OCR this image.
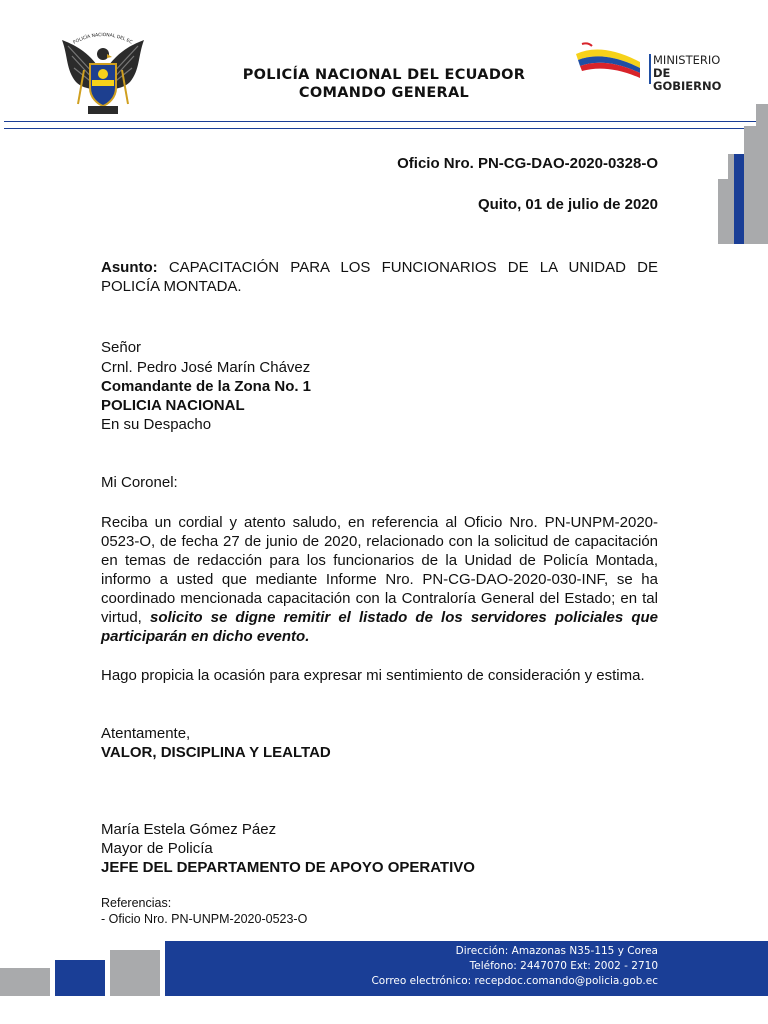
POLICÍA NACIONAL DEL EC
POLICÍA NACIONAL DEL ECUADOR
COMANDO GENERAL
MINISTERIO
DE GOBIERNO
Oficio Nro. PN-CG-DAO-2020-0328-O
Quito, 01 de julio de 2020
Asunto: CAPACITACIÓN PARA LOS FUNCIONARIOS DE LA UNIDAD DE POLICÍA MONTADA.
Señor
Crnl. Pedro José Marín Chávez
Comandante de la Zona No. 1
POLICIA NACIONAL
En su Despacho
Mi Coronel:
Reciba un cordial y atento saludo, en referencia al Oficio Nro. PN-UNPM-2020-0523-O, de fecha 27 de junio de 2020, relacionado con la solicitud de capacitación en temas de redacción para los funcionarios de la Unidad de Policía Montada, informo a usted que mediante Informe Nro. PN-CG-DAO-2020-030-INF, se ha coordinado mencionada capacitación con la Contraloría General del Estado; en tal virtud, solicito se digne remitir el listado de los servidores policiales que participarán en dicho evento.
Hago propicia la ocasión para expresar mi sentimiento de consideración y estima.
Atentamente,
VALOR, DISCIPLINA Y LEALTAD
María Estela Gómez Páez
Mayor de Policía
JEFE DEL DEPARTAMENTO DE APOYO OPERATIVO
Referencias:
- Oficio Nro. PN-UNPM-2020-0523-O
Dirección: Amazonas N35-115 y Corea
Teléfono: 2447070 Ext: 2002 - 2710
Correo electrónico: recepdoc.comando@policia.gob.ec
